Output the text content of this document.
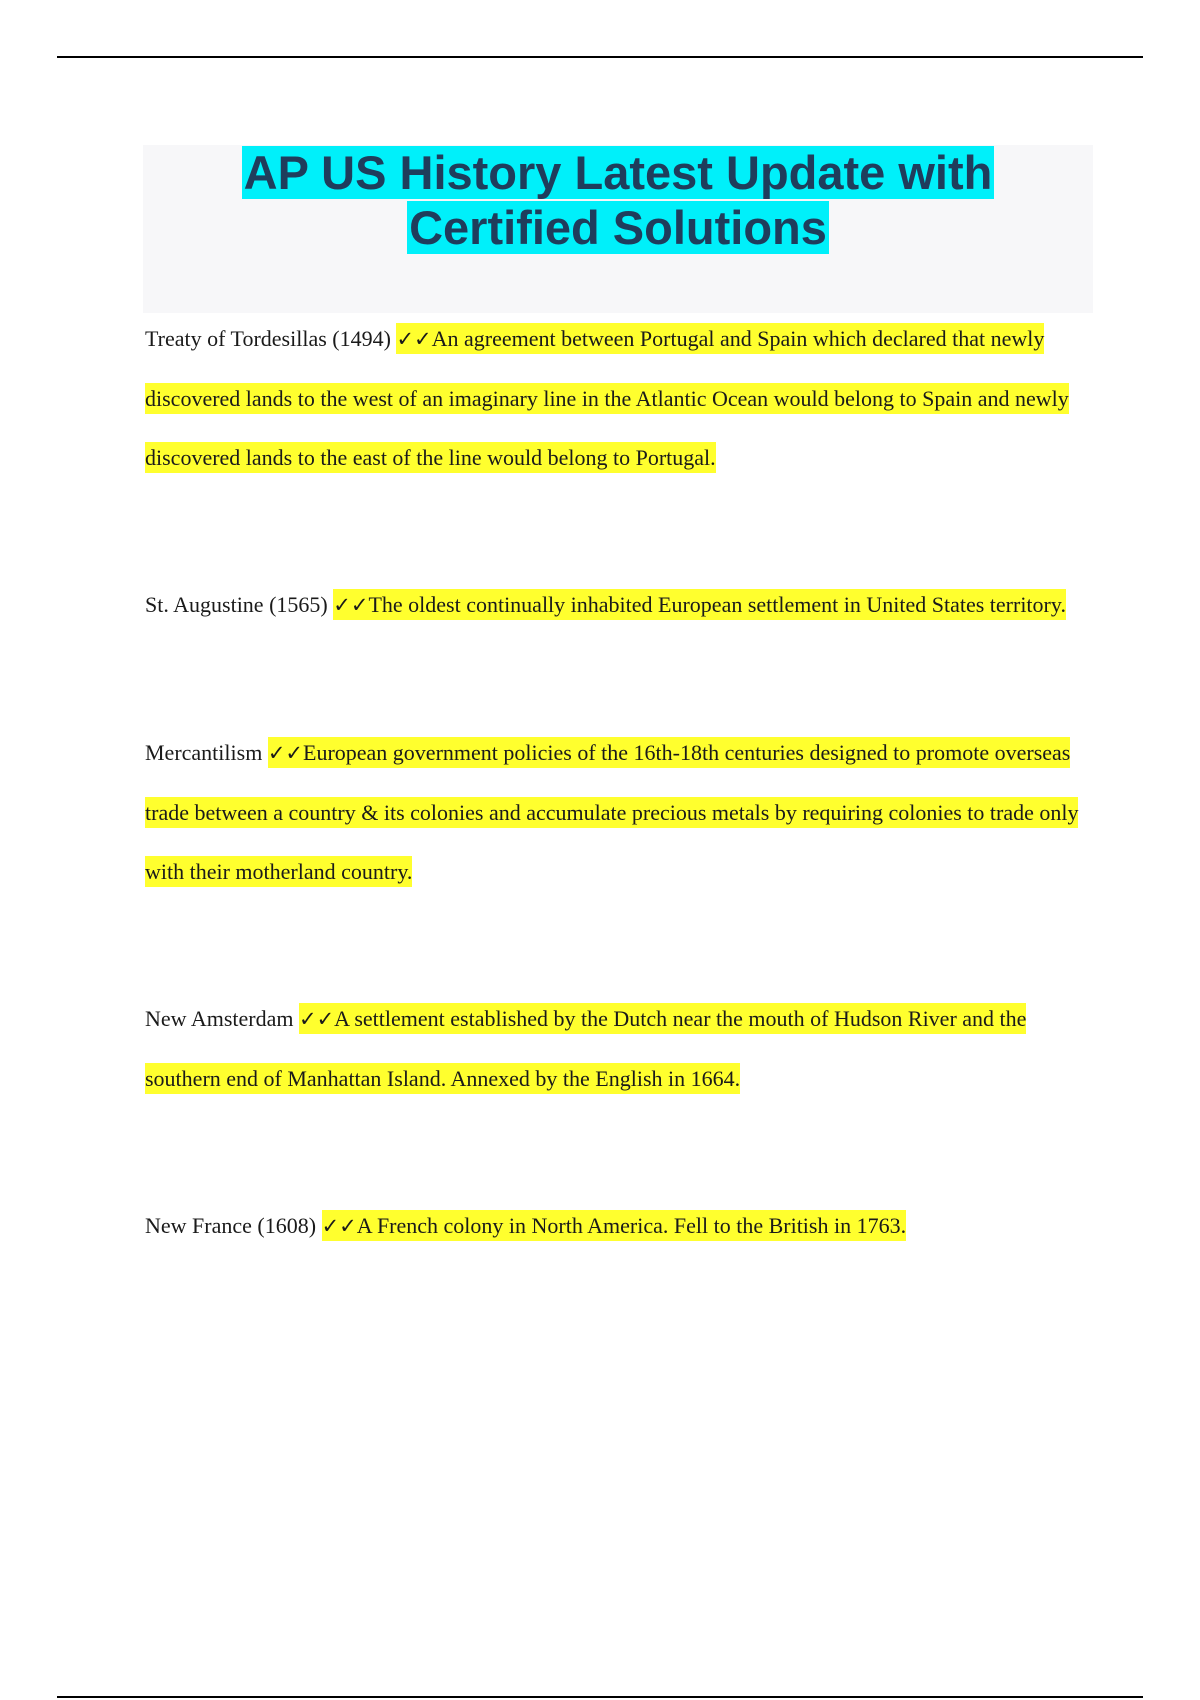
AP US History Latest Update with
Certified Solutions

Treaty of Tordesillas (1494) ✓✓An agreement between Portugal and Spain which declared that newly discovered lands to the west of an imaginary line in the Atlantic Ocean would belong to Spain and newly discovered lands to the east of the line would belong to Portugal.

St. Augustine (1565) ✓✓The oldest continually inhabited European settlement in United States territory.

Mercantilism ✓✓European government policies of the 16th-18th centuries designed to promote overseas trade between a country & its colonies and accumulate precious metals by requiring colonies to trade only with their motherland country.

New Amsterdam ✓✓A settlement established by the Dutch near the mouth of Hudson River and the southern end of Manhattan Island. Annexed by the English in 1664.

New France (1608) ✓✓A French colony in North America. Fell to the British in 1763.
